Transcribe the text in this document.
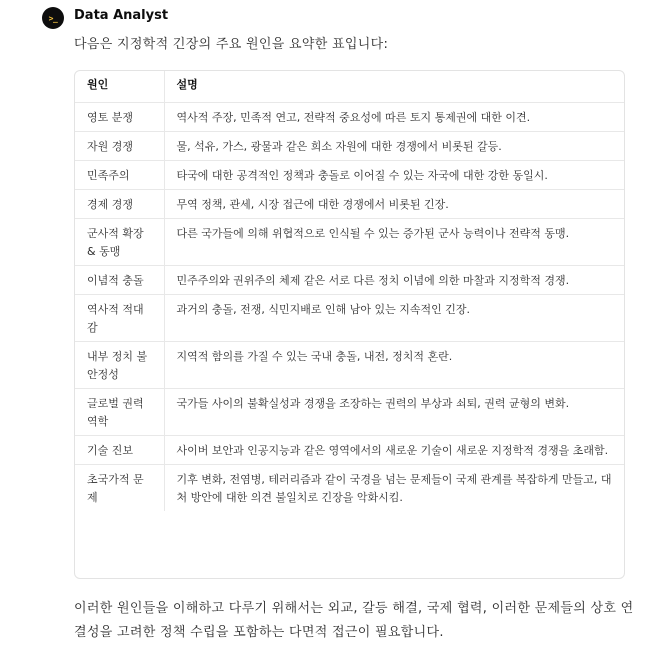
>_	Data Analyst
다음은 지정학적 긴장의 주요 원인을 요약한 표입니다:
원인	설명
영토 분쟁	역사적 주장, 민족적 연고, 전략적 중요성에 따른 토지 통제권에 대한 이견.
자원 경쟁	물, 석유, 가스, 광물과 같은 희소 자원에 대한 경쟁에서 비롯된 갈등.
민족주의	타국에 대한 공격적인 정책과 충돌로 이어질 수 있는 자국에 대한 강한 동일시.
경제 경쟁	무역 정책, 관세, 시장 접근에 대한 경쟁에서 비롯된 긴장.
군사적 확장 & 동맹	다른 국가들에 의해 위협적으로 인식될 수 있는 증가된 군사 능력이나 전략적 동맹.
이념적 충돌	민주주의와 권위주의 체제 같은 서로 다른 정치 이념에 의한 마찰과 지정학적 경쟁.
역사적 적대감	과거의 충돌, 전쟁, 식민지배로 인해 남아 있는 지속적인 긴장.
내부 정치 불안정성	지역적 함의를 가질 수 있는 국내 충돌, 내전, 정치적 혼란.
글로벌 권력 역학	국가들 사이의 불확실성과 경쟁을 조장하는 권력의 부상과 쇠퇴, 권력 균형의 변화.
기술 진보	사이버 보안과 인공지능과 같은 영역에서의 새로운 기술이 새로운 지정학적 경쟁을 초래함.
초국가적 문제	기후 변화, 전염병, 테러리즘과 같이 국경을 넘는 문제들이 국제 관계를 복잡하게 만들고, 대처 방안에 대한 의견 불일치로 긴장을 악화시킴.
이러한 원인들을 이해하고 다루기 위해서는 외교, 갈등 해결, 국제 협력, 이러한 문제들의 상호 연결성을 고려한 정책 수립을 포함하는 다면적 접근이 필요합니다.
